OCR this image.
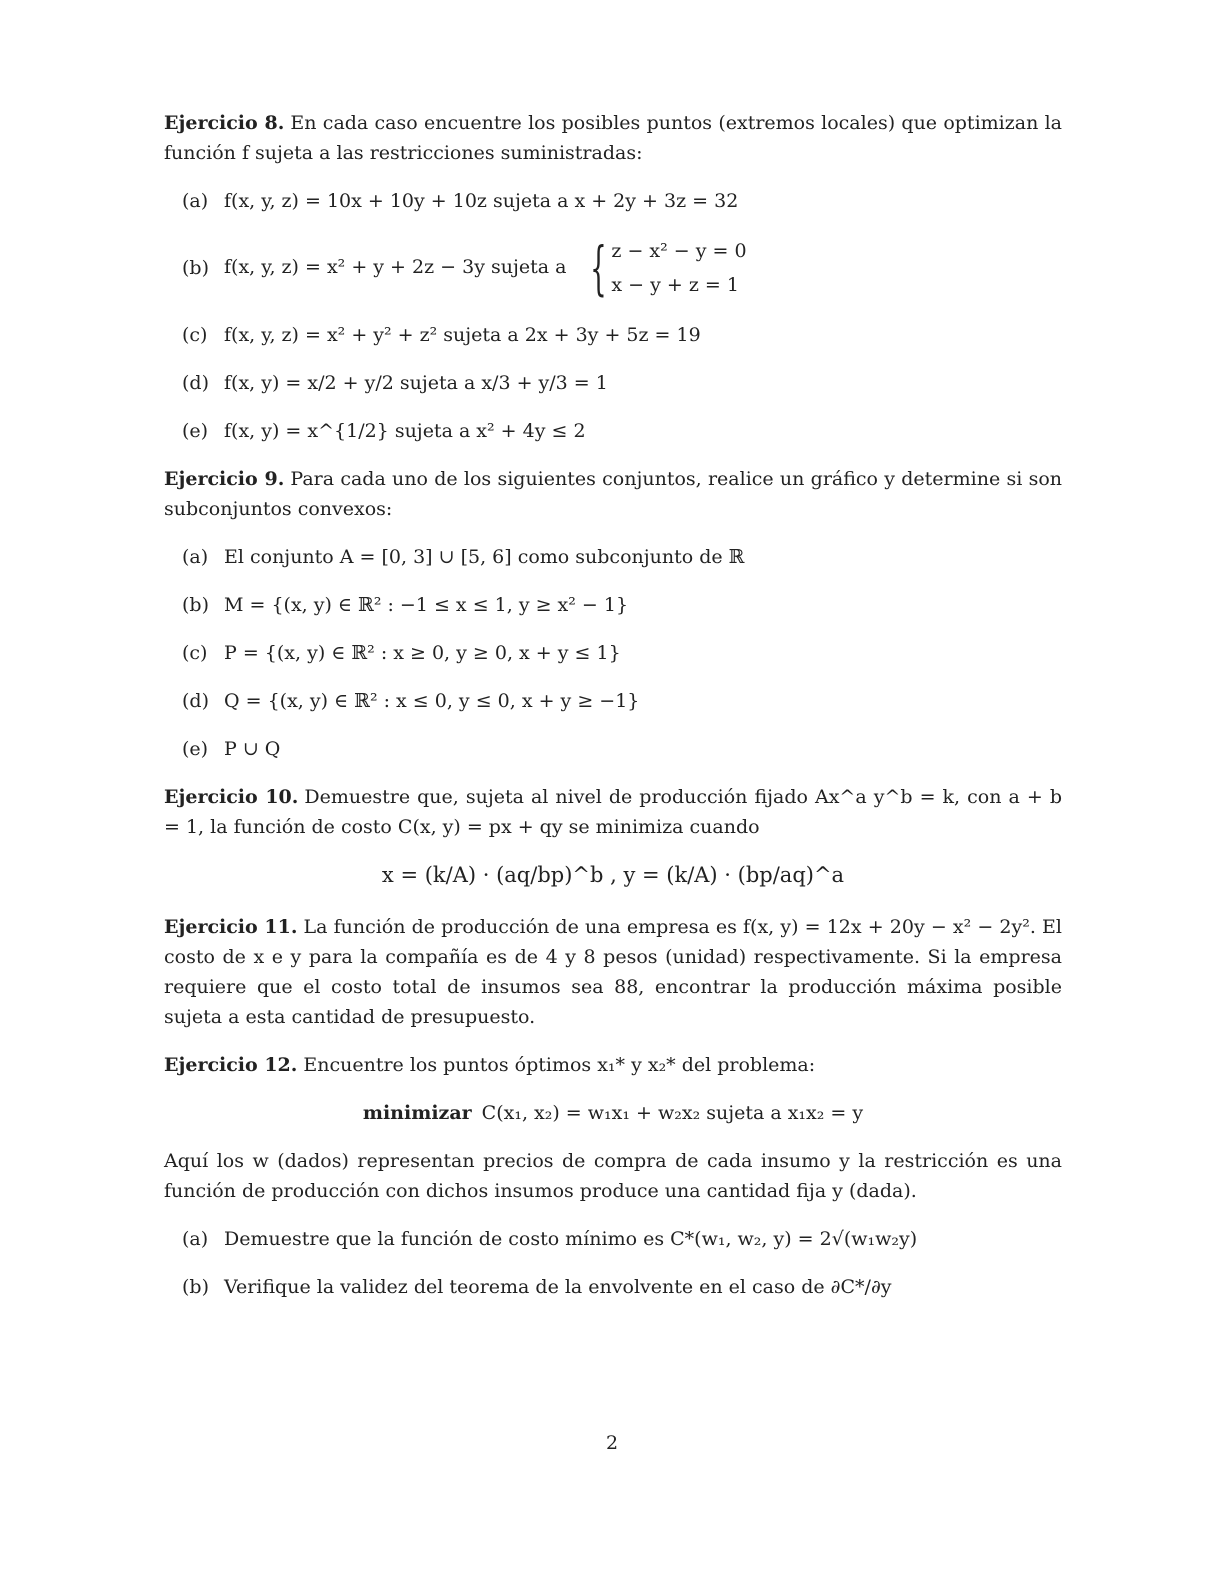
Ejercicio 8. En cada caso encuentre los posibles puntos (extremos locales) que optimizan la función f sujeta a las restricciones suministradas:

(a) f(x, y, z) = 10x + 10y + 10z sujeta a x + 2y + 3z = 32
(b) f(x, y, z) = x² + y + 2z − 3y sujeta a { z − x² − y = 0
x − y + z = 1
(c) f(x, y, z) = x² + y² + z² sujeta a 2x + 3y + 5z = 19
(d) f(x, y) = x/2 + y/2 sujeta a x/3 + y/3 = 1
(e) f(x, y) = x^{1/2} sujeta a x² + 4y ≤ 2

Ejercicio 9. Para cada uno de los siguientes conjuntos, realice un gráfico y determine si son subconjuntos convexos:

(a) El conjunto A = [0, 3] ∪ [5, 6] como subconjunto de ℝ
(b) M = {(x, y) ∈ ℝ² : −1 ≤ x ≤ 1, y ≥ x² − 1}
(c) P = {(x, y) ∈ ℝ² : x ≥ 0, y ≥ 0, x + y ≤ 1}
(d) Q = {(x, y) ∈ ℝ² : x ≤ 0, y ≤ 0, x + y ≥ −1}
(e) P ∪ Q

Ejercicio 10. Demuestre que, sujeta al nivel de producción fijado Ax^a y^b = k, con a + b = 1, la función de costo C(x, y) = px + qy se minimiza cuando

x = (k/A) · (aq/bp)^b , y = (k/A) · (bp/aq)^a

Ejercicio 11. La función de producción de una empresa es f(x, y) = 12x + 20y − x² − 2y². El costo de x e y para la compañía es de 4 y 8 pesos (unidad) respectivamente. Si la empresa requiere que el costo total de insumos sea 88, encontrar la producción máxima posible sujeta a esta cantidad de presupuesto.

Ejercicio 12. Encuentre los puntos óptimos x₁* y x₂* del problema:

minimizar C(x₁, x₂) = w₁x₁ + w₂x₂ sujeta a x₁x₂ = y

Aquí los w (dados) representan precios de compra de cada insumo y la restricción es una función de producción con dichos insumos produce una cantidad fija y (dada).

(a) Demuestre que la función de costo mínimo es C*(w₁, w₂, y) = 2√(w₁w₂y)
(b) Verifique la validez del teorema de la envolvente en el caso de ∂C*/∂y
2
